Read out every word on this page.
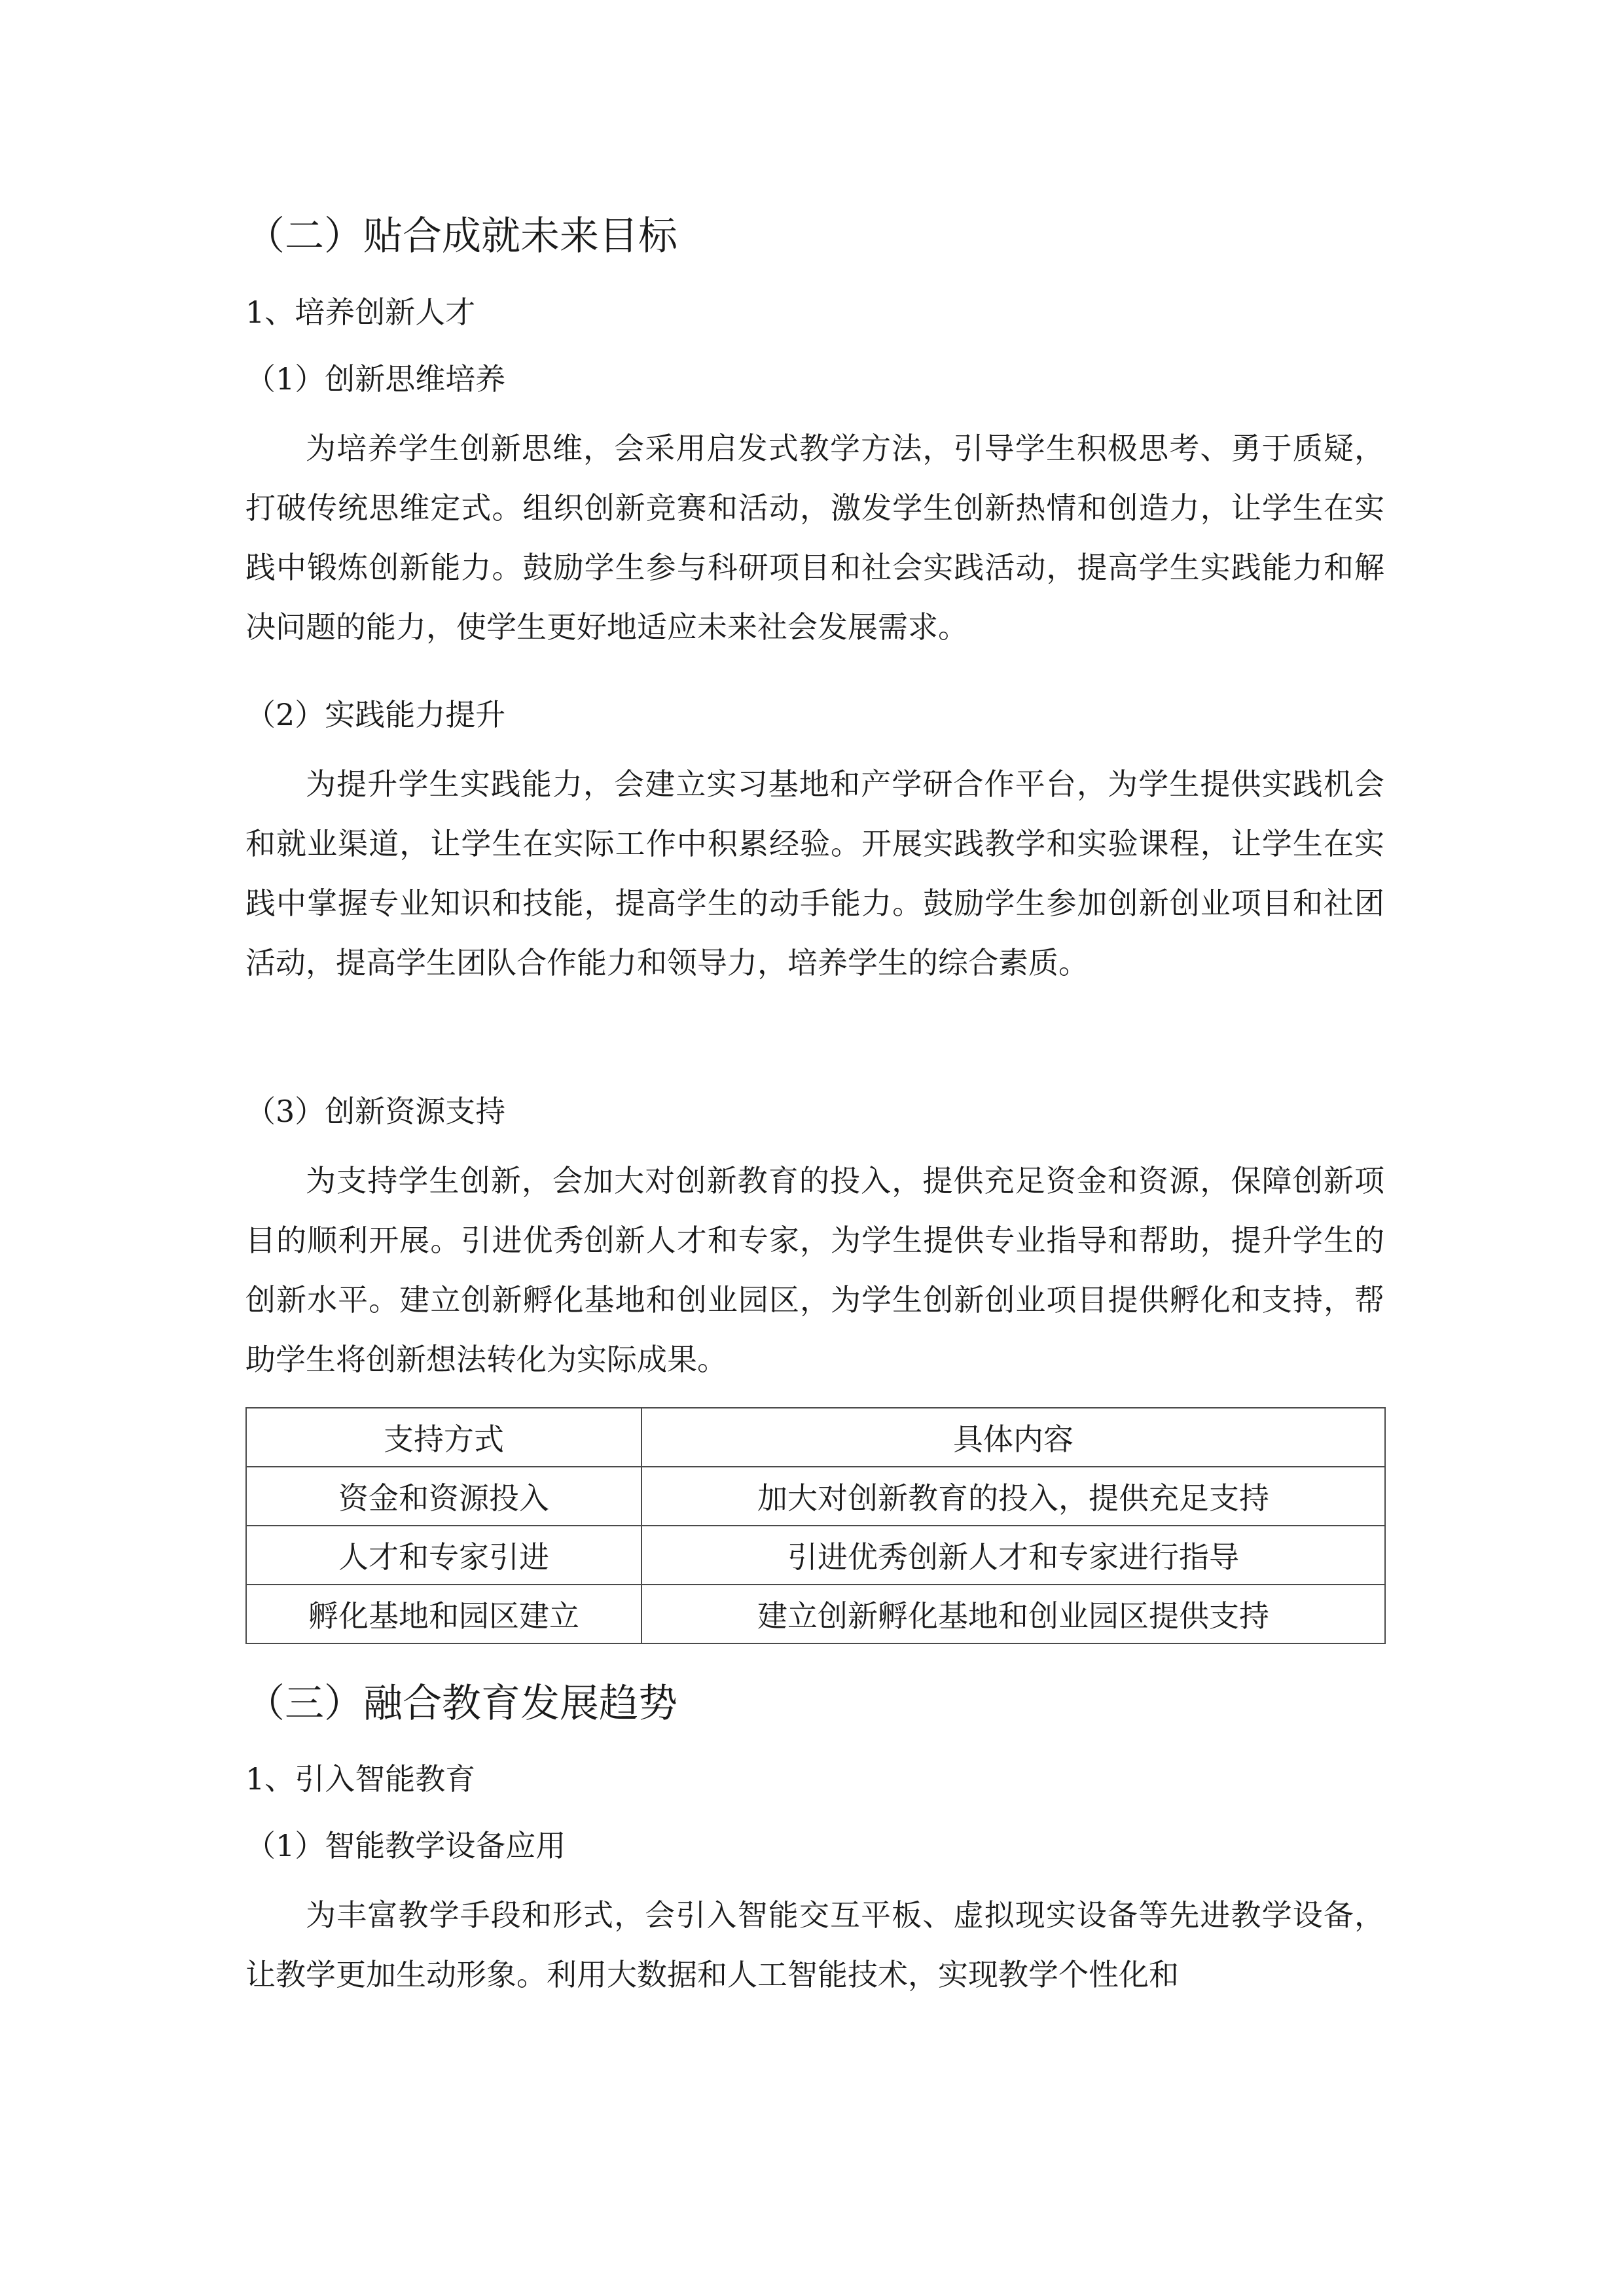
（二）贴合成就未来目标
1、培养创新人才
（1）创新思维培养

为培养学生创新思维，会采用启发式教学方法，引导学生积极思考、勇于质疑，打破传统思维定式。组织创新竞赛和活动，激发学生创新热情和创造力，让学生在实践中锻炼创新能力。鼓励学生参与科研项目和社会实践活动，提高学生实践能力和解决问题的能力，使学生更好地适应未来社会发展需求。

（2）实践能力提升

为提升学生实践能力，会建立实习基地和产学研合作平台，为学生提供实践机会和就业渠道，让学生在实际工作中积累经验。开展实践教学和实验课程，让学生在实践中掌握专业知识和技能，提高学生的动手能力。鼓励学生参加创新创业项目和社团活动，提高学生团队合作能力和领导力，培养学生的综合素质。

（3）创新资源支持

为支持学生创新，会加大对创新教育的投入，提供充足资金和资源，保障创新项目的顺利开展。引进优秀创新人才和专家，为学生提供专业指导和帮助，提升学生的创新水平。建立创新孵化基地和创业园区，为学生创新创业项目提供孵化和支持，帮助学生将创新想法转化为实际成果。

支持方式	具体内容
资金和资源投入	加大对创新教育的投入，提供充足支持
人才和专家引进	引进优秀创新人才和专家进行指导
孵化基地和园区建立	建立创新孵化基地和创业园区提供支持
（三）融合教育发展趋势
1、引入智能教育
（1）智能教学设备应用

为丰富教学手段和形式，会引入智能交互平板、虚拟现实设备等先进教学设备，让教学更加生动形象。利用大数据和人工智能技术，实现教学个性化和
